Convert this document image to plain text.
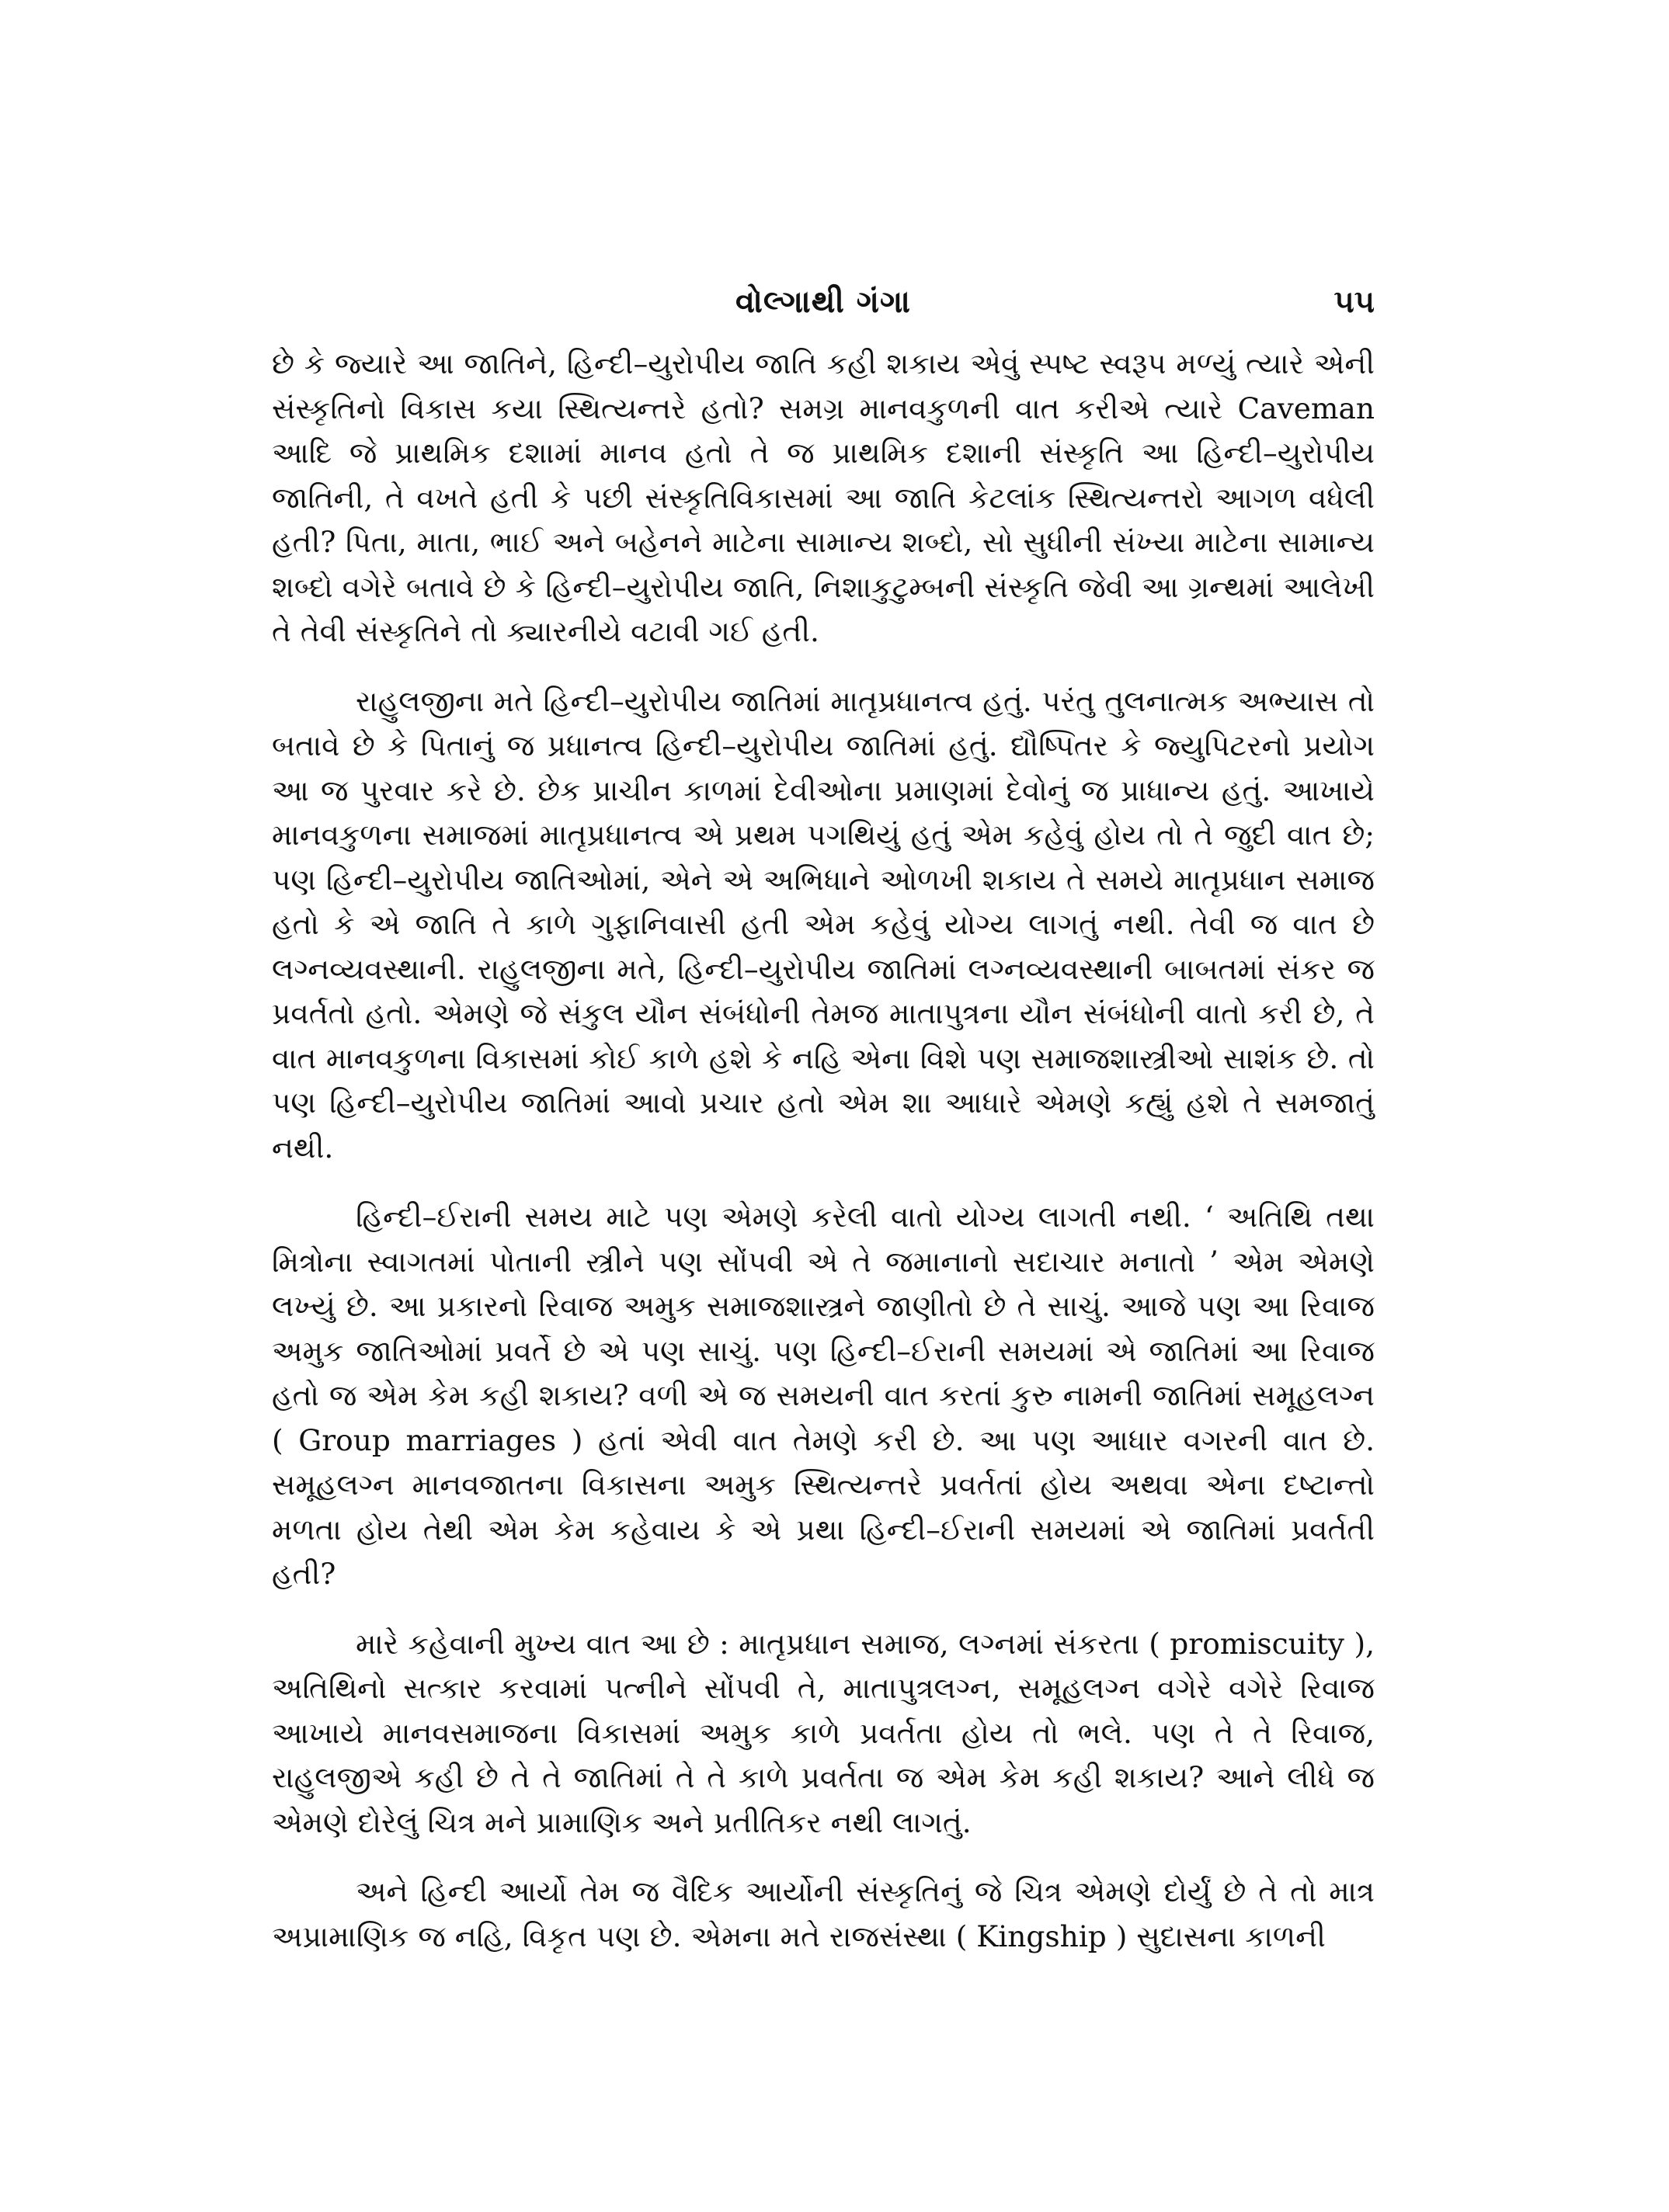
વોલ્ગાથી ગંગા	૫૫

છે કે જ્યારે આ જાતિને, હિન્દી–યુરોપીય જાતિ કહી શકાય એવું સ્પષ્ટ સ્વરૂપ મળ્યું ત્યારે એની સંસ્કૃતિનો વિકાસ કયા સ્થિત્યન્તરે હતો? સમગ્ર માનવકુળની વાત કરીએ ત્યારે Caveman આદિ જે પ્રાથમિક દશામાં માનવ હતો તે જ પ્રાથમિક દશાની સંસ્કૃતિ આ હિન્દી–યુરોપીય જાતિની, તે વખતે હતી કે પછી સંસ્કૃતિવિકાસમાં આ જાતિ કેટલાંક સ્થિત્યન્તરો આગળ વધેલી હતી? પિતા, માતા, ભાઈ અને બહેનને માટેના સામાન્ય શબ્દો, સો સુધીની સંખ્યા માટેના સામાન્ય શબ્દો વગેરે બતાવે છે કે હિન્દી–યુરોપીય જાતિ, નિશાકુટુમ્બની સંસ્કૃતિ જેવી આ ગ્રન્થમાં આલેખી તે તેવી સંસ્કૃતિને તો ક્યારનીયે વટાવી ગઈ હતી.

રાહુલજીના મતે હિન્દી–યુરોપીય જાતિમાં માતૃપ્રધાનત્વ હતું. પરંતુ તુલનાત્મક અભ્યાસ તો બતાવે છે કે પિતાનું જ પ્રધાનત્વ હિન્દી–યુરોપીય જાતિમાં હતું. દ્યૌષ્પિતર કે જ્યુપિટરનો પ્રયોગ આ જ પુરવાર કરે છે. છેક પ્રાચીન કાળમાં દેવીઓના પ્રમાણમાં દેવોનું જ પ્રાધાન્ય હતું. આખાયે માનવકુળના સમાજમાં માતૃપ્રધાનત્વ એ પ્રથમ પગથિયું હતું એમ કહેવું હોય તો તે જુદી વાત છે; પણ હિન્દી–યુરોપીય જાતિઓમાં, એને એ અભિધાને ઓળખી શકાય તે સમયે માતૃપ્રધાન સમાજ હતો કે એ જાતિ તે કાળે ગુફાનિવાસી હતી એમ કહેવું યોગ્ય લાગતું નથી. તેવી જ વાત છે લગ્નવ્યવસ્થાની. રાહુલજીના મતે, હિન્દી–યુરોપીય જાતિમાં લગ્નવ્યવસ્થાની બાબતમાં સંકર જ પ્રવર્તતો હતો. એમણે જે સંકુલ યૌન સંબંધોની તેમજ માતાપુત્રના યૌન સંબંધોની વાતો કરી છે, તે વાત માનવકુળના વિકાસમાં કોઈ કાળે હશે કે નહિ એના વિશે પણ સમાજશાસ્ત્રીઓ સાશંક છે. તો પણ હિન્દી–યુરોપીય જાતિમાં આવો પ્રચાર હતો એમ શા આધારે એમણે કહ્યું હશે તે સમજાતું નથી.

હિન્દી–ઈરાની સમય માટે પણ એમણે કરેલી વાતો યોગ્ય લાગતી નથી. ‘ અતિથિ તથા મિત્રોના સ્વાગતમાં પોતાની સ્ત્રીને પણ સોંપવી એ તે જમાનાનો સદાચાર મનાતો ’ એમ એમણે લખ્યું છે. આ પ્રકારનો રિવાજ અમુક સમાજશાસ્ત્રને જાણીતો છે તે સાચું. આજે પણ આ રિવાજ અમુક જાતિઓમાં પ્રવર્તે છે એ પણ સાચું. પણ હિન્દી–ઈરાની સમયમાં એ જાતિમાં આ રિવાજ હતો જ એમ કેમ કહી શકાય? વળી એ જ સમયની વાત કરતાં કુરુ નામની જાતિમાં સમૂહલગ્ન ( Group marriages ) હતાં એવી વાત તેમણે કરી છે. આ પણ આધાર વગરની વાત છે. સમૂહલગ્ન માનવજાતના વિકાસના અમુક સ્થિત્યન્તરે પ્રવર્તતાં હોય અથવા એના દષ્ટાન્તો મળતા હોય તેથી એમ કેમ કહેવાય કે એ પ્રથા હિન્દી–ઈરાની સમયમાં એ જાતિમાં પ્રવર્તતી હતી?

મારે કહેવાની મુખ્ય વાત આ છે : માતૃપ્રધાન સમાજ, લગ્નમાં સંકરતા ( promiscuity ), અતિથિનો સત્કાર કરવામાં પત્નીને સોંપવી તે, માતાપુત્રલગ્ન, સમૂહલગ્ન વગેરે વગેરે રિવાજ આખાયે માનવસમાજના વિકાસમાં અમુક કાળે પ્રવર્તતા હોય તો ભલે. પણ તે તે રિવાજ, રાહુલજીએ કહી છે તે તે જાતિમાં તે તે કાળે પ્રવર્તતા જ એમ કેમ કહી શકાય? આને લીધે જ એમણે દોરેલું ચિત્ર મને પ્રામાણિક અને પ્રતીતિકર નથી લાગતું.

અને હિન્દી આર્યો તેમ જ વૈદિક આર્યોની સંસ્કૃતિનું જે ચિત્ર એમણે દોર્યું છે તે તો માત્ર અપ્રામાણિક જ નહિ, વિકૃત પણ છે. એમના મતે રાજસંસ્થા ( Kingship ) સુદાસના કાળની
